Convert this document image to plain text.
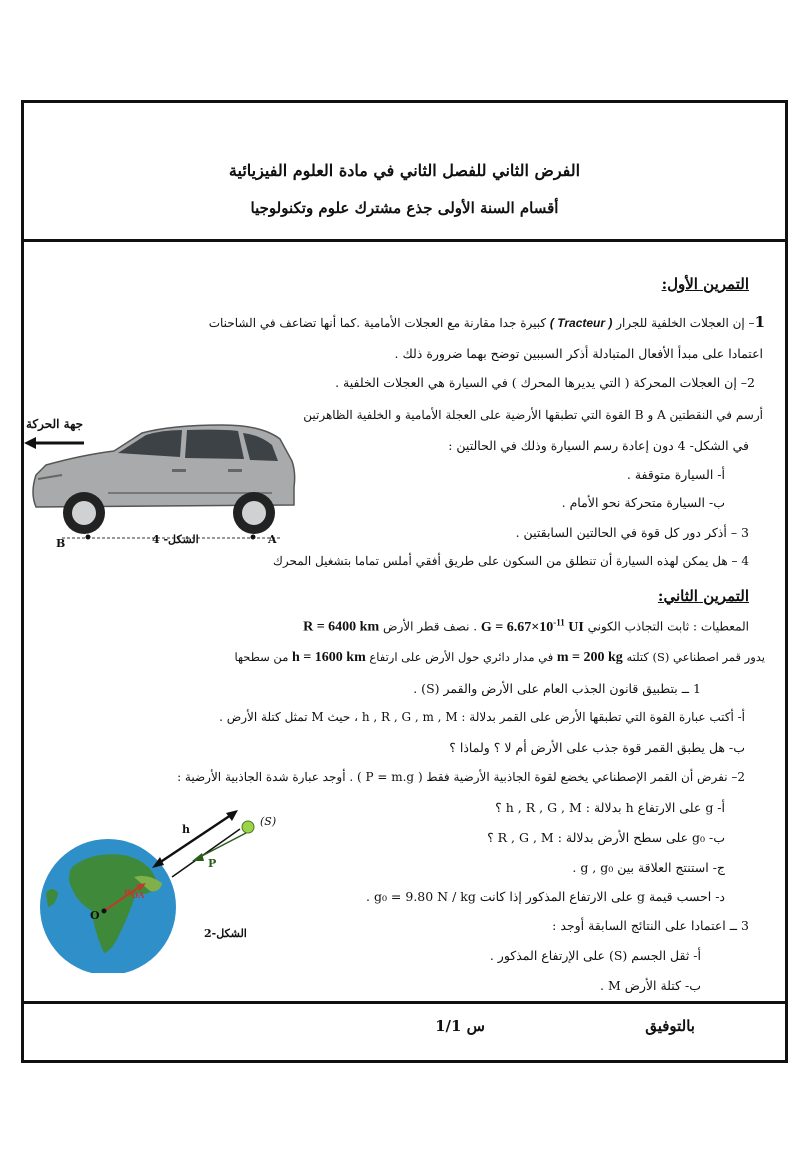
الفرض الثاني للفصل الثاني في مادة العلوم الفيزيائية
أقسام السنة الأولى جذع مشترك علوم وتكنولوجيا
التمرين الأول:
1– إن العجلات الخلفية للجرار ( Tracteur ) كبيرة جدا مقارنة مع العجلات الأمامية .كما أنها تضاعف في الشاحنات
اعتمادا على مبدأ الأفعال المتبادلة أذكر السببين توضح بهما ضرورة ذلك .
2– إن العجلات المحركة ( التي يديرها المحرك ) في السيارة هي العجلات الخلفية .
أرسم في النقطتين A و B القوة التي تطبقها الأرضية على العجلة الأمامية و الخلفية الظاهرتين
في الشكل- 4 دون إعادة رسم السيارة وذلك في الحالتين :
أ- السيارة متوقفة .
ب- السيارة متحركة نحو الأمام .
3 – أذكر دور كل قوة في الحالتين السابقتين .
4 – هل يمكن لهذه السيارة أن تنطلق من السكون على طريق أفقي أملس تماما بتشغيل المحرك
جهة الحركة
B	A
الشكل- 4
التمرين الثاني:
المعطيات : ثابت التجاذب الكوني $G = 6.67\times 10^{-11}$ UI . نصف قطر الأرض R = 6400 km
يدور قمر اصطناعي (S) كتلته m = 200 kg في مدار دائري حول الأرض على ارتفاع h = 1600 km من سطحها
1 ــ بتطبيق قانون الجذب العام على الأرض والقمر (S) .
أ- أكتب عبارة القوة التي تطبقها الأرض على القمر بدلالة : h , R , G , m , M ، حيث M تمثل كتلة الأرض .
ب- هل يطبق القمر قوة جذب على الأرض أم لا ؟ ولماذا ؟
2– نفرض أن القمر الإصطناعي يخضع لقوة الجاذبية الأرضية فقط ( P = m.g ) . أوجد عبارة شدة الجاذبية الأرضية :
أ- g على الارتفاع h بدلالة : h , R , G , M ؟
ب- g₀ على سطح الأرض بدلالة : R , G , M ؟
ج- استنتج العلاقة بين g , g₀ .
د- احسب قيمة g على الارتفاع المذكور إذا كانت g₀ = 9.80 N / kg .
3 ــ اعتمادا على النتائج السابقة أوجد :
أ- ثقل الجسم (S) على الإرتفاع المذكور .
ب- كتلة الأرض M .
h
(S)
P
O
$u_{OA}$
الشكل-2
بالتوفيق
س 1/1
